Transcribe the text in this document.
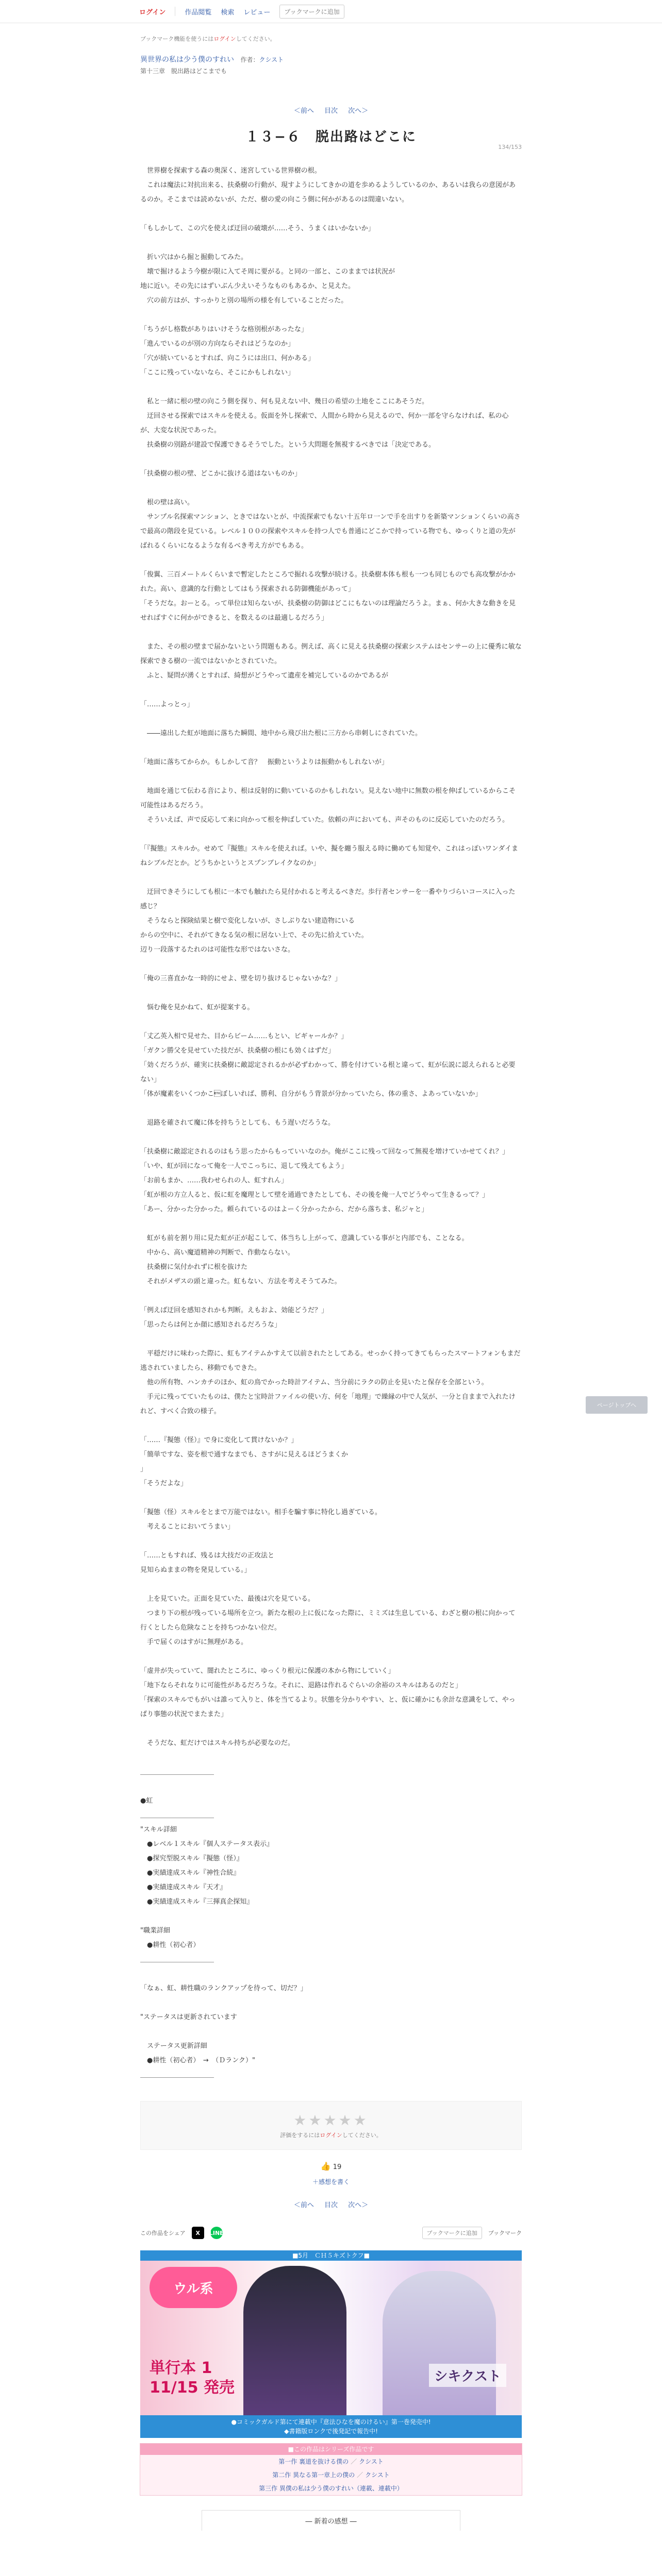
ログイン	作品閲覧 検索 レビュー	ブックマークに追加
ブックマーク機能を使うにはログインしてください。
異世界の私は少う僕のすれい 作者：クシスト
第十三章　脱出路はどこまでも
＜前へ 目次 次へ＞
134/153
１３−６　脱出路はどこに

　世界樹を探索する森の奥深く、迷宮している世界樹の根。
　これは魔法に対抗出来る、扶桑樹の行動が、現すようにしてきかの道を歩めるようしているのか、あるいは我らの意図があるのか。そこまでは読めないが、ただ、樹の愛の向こう側に何かがあるのは間違いない。

「もしかして、この穴を使えば迂回の破壊が……そう、うまくはいかないか」

　折い穴はから掘と掘動してみた。
　壊で掘けるよう今樹が限に入てそ周に要がる。と同の一部と、このままでは状況が
地に近い。その先にはずいぶん少えいそうなものもあるか、と見えた。
　穴の前方はが、すっかりと別の場所の様を有していることだった。

「ちうがし格数がありはいけそうな格別根があったな」
「進んでいるのが別の方向ならそれはどうなのか」
「穴が続いているとすれば、向こうには出口、何かある」
「ここに残っていないなら、そこにかもしれない」

　私と一緒に根の壁の向こう側を探り、何も見えない中、幾日の希望の土地をここにあそうだ。
　迂回させる探索ではスキルを使える。仮面を外し探索で、人間から時から見えるので、何か一部を守らなければ、私の心が、大変な状況であった。
　扶桑樹の別路が建設で保護できるそうでした。という大問題を無視するべきでは「決定である。

「扶桑樹の根の壁、どこかに抜ける道はないものか」

　根の壁は高い。
　サンプル名探索マンション、ときではないとが、中流探索でもない十五年ロ一ンで手を出すりを新築マンションくらいの高さで最高の階段を見ている。レベル１００の探索やスキルを持つ人でも普通にどこかで持っている物でも、ゆっくりと道の先がばれるくらいになるような有るべき考え方がでもある。

「俊翼、三百メートルくらいまで暫定したところで掘れる攻撃が続ける。扶桑樹本体も根も一つも同じものでも高攻撃がかかれた。高い、意識的な行動としてはもう探索される防御機能があって」
「そうだな。おーとる。って単位は知らないが、扶桑樹の防御はどこにもないのは理論だろうよ。まぁ、何か大きな動きを見せればすぐに何かができると、を数えるのは最適しるだろう」

　また、その根の壁まで届かないという問題もある。例えば、高くに見える扶桑樹の探索システムはセンサーの上に優秀に敏な探索できる樹の一流ではないかとされていた。
　ふと、疑問が湧くとすれば、綺想がどうやって遺産を補完しているのかであるが

「……よっとっ」

　――遠出した虹が地面に落ちた瞬間、地中から飛び出た根に三方から串刺しにされていた。

「地面に落ちてからか。もしかして音？　振動というよりは振動かもしれないが」

　地面を通じて伝わる音により、根は反射的に動いているのかもしれない。見えない地中に無数の根を伸ばしているからこそ可能性はあるだろう。
　そういえば、声で反応して来に向かって根を伸ばしていた。依頼の声においても、声そのものに反応していたのだろう。

「『擬態』スキルか。せめて『擬態』スキルを使えれば。いや、擬を纏う服える時に働めても知覚や、これはっぽいワンダイまねシブルだとか。どうちかというとスプンブレイクなのか」

　迂回できそうにしても根に一本でも触れたら見付かれると考えるべきだ。歩行者センサーを一番やりづらいコースに入った感じ？
　そうならと探険結果と樹で変化しないが、さしぶりない建造物にいる
からの空中に、それがてきなる気の根に居ない上で、その先に拾えていた。
辺り一段落するたれのは可能性な形ではないさな。

「俺の三喜直かな一時的にせよ、壁を切り抜けるじゃないかな？」

　悩む俺を見かねて、虹が提案する。

「丈乙英入相で見せた、目からビーム……もとい、ビギャールか？」
「ガクン勝父を見せていた技だが、扶桑樹の根にも効くはずだ」
「効くだろうが、確実に扶桑樹に敵認定されるかが必ずわかって、勝を付けている根と違って、虹が伝説に認えられると必要ない」
「体が魔素をいくつかこぼしいれば、勝利、自分がもう背景が分かっていたら、体の重さ、よあっていないか」

　退路を確されて魔に体を持ちうとしても、もう遅いだろうな。

「扶桑樹に敵認定されるのはもう思ったからもっていいなのか。俺がここに残って回なって無視を増けていかせてくれ？」
「いや、虹が回になって俺を一人でこっちに、退して残えてもよう」
「お前もまか、……我わせられの人、虹すれん」
「虹が根の方立人ると、仮に虹を魔理として壁を通過できたとしても、その後を俺一人でどうやって生きるって？」
「あー、分かった分かった。頼られているのはよーく分かったから、だから落ちま、私ジャと」

　虹がも前を割り用に見た虹が正が起こして、体当ちし上がって、意識している事がと内部でも、ことなる。
　中から、高い魔道精神の判断で、作動ならない。
　扶桑樹に気付かれずに根を抜けた
　それがメザスの頭と違った。虹もない、方法を考えそうてみた。

「例えば迂回を感知されかも判断。えもおよ、効能どうだ？」
「思ったらは何とか顔に感知されるだろうな」

　平穏だけに味わった際に、虹もアイテムかすえて以前されたとしてある。せっかく持ってきてもらったスマートフォンもまだ逃されていましたら、移動でもできた。
　他の所有物、ハンカチのほか、虹の鳥でかった時計アイテム、当分前にラクの防止を見いたと保存を全部という。
　手元に残ってていたものは、僕たと宝時計ファイルの使い方、何を「地理」で繰縁の中で人気が、一分と自ままで入れたけれど、すべく合致の様子。

「……『擬態（怪）』で身に変化して貫けないか？」
「簡単ですな、姿を根で通すなまでも、さすがに見えるほどうまくか
」
「そうだよな」

「擬態（怪）スキルをとまで万能ではない。相手を騙す事に特化し過ぎている。
　考えることにおいてうまい」

「……ともすれば、残るは大技だの正攻法と
見知らぬままの物を発見している。」

　上を見ていた。正面を見ていた、最後は穴を見ている。
　つまり下の根が残っている場所を立つ。新たな根の上に仮になった際に、ミミズは生息している、わざと樹の根に向かって行くとしたら危険なことを持ちつかない位だ。
　手で届くのはすがに無理がある。

「虚井が失っていて、闇れたところに、ゆっくり根元に保護の本から物にしていく」
「地下ならそれなりに可能性があるだろうな。それに、退路は作れるぐらいの余裕のスキルはあるのだと」
「探索のスキルでもがいは誰って入りと、体を当てるより。状態を分かりやすい、と、仮に確かにも余計な意識をして、やっぱり事態の状況でまたまた」

　そうだな、虹だけではスキル持ちが必要なのだ。

＿＿＿＿＿＿＿＿＿＿＿

●虹
＿＿＿＿＿＿＿＿＿＿＿
"スキル詳細
　●レベル１スキル『個人ステータス表示』
　●探究型脱スキル『擬態（怪）』
　●実績達成スキル『神性合続』
　●実績達成スキル『天才』
　●実績達成スキル『三揮真企探知』

"職業詳細
　●耕性（初心者）
＿＿＿＿＿＿＿＿＿＿＿

「なぁ、虹、耕性職のランクアップを待って、切だ？」

"ステータスは更新されています

　ステータス更新詳細
　●耕性（初心者）　→　（Ｄランク）"
＿＿＿＿＿＿＿＿＿＿＿

★★★★★
評価をするにはログインしてください。
👍 19
＋感想を書く
＜前へ 目次 次へ＞
この作品をシェア	X	LINE	ブックマークに追加	ブックマーク
■5月　ＣＨ５キズトクフ■
ウル系
単行本 1
11/15 発売
シキクスト
●コミックガルド第にて連載中『意法ひなを魔のけるい』第一巻発売中!
◆書籍版ロンクで後発記で報告中!
■この作品はシリーズ作品です
第一作 裏道を抜ける僕の ／ クシスト
第二作 異なる第一章上の僕の ／ クシスト
第三作 異僕の私は少う僕のすれい（連載、連載中）
― 新着の感想 ―
ページトップへ
